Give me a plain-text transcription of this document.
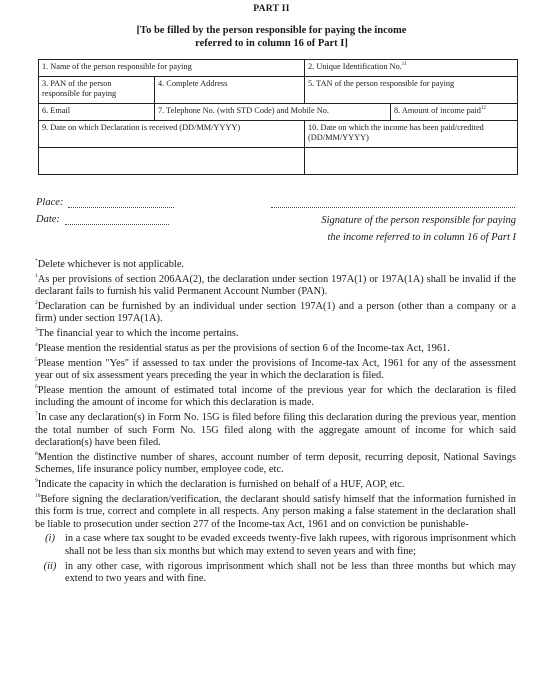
PART II
[To be filled by the person responsible for paying the income
referred to in column 16 of Part I]
1. Name of the person responsible for paying		2. Unique Identification No.$^{11}$
3. PAN of the person responsible for paying	4. Complete Address	5. TAN of the person responsible for paying	
6. Email	7. Telephone No. (with STD Code) and Mobile No.		8. Amount of income paid$^{12}$
9. Date on which Declaration is received (DD/MM/YYYY)		10. Date on which the income has been paid/credited (DD/MM/YYYY)	

Place:
Date:	Signature of the person responsible for paying
the income referred to in column 16 of Part I

*Delete whichever is not applicable.

$^1$As per provisions of section 206AA(2), the declaration under section 197A(1) or 197A(1A) shall be invalid if the declarant fails to furnish his valid Permanent Account Number (PAN).

$^2$Declaration can be furnished by an individual under section 197A(1) and a person (other than a company or a firm) under section 197A(1A).

$^3$The financial year to which the income pertains.

$^4$Please mention the residential status as per the provisions of section 6 of the Income-tax Act, 1961.

$^5$Please mention "Yes" if assessed to tax under the provisions of Income-tax Act, 1961 for any of the assessment year out of six assessment years preceding the year in which the declaration is filed.

$^6$Please mention the amount of estimated total income of the previous year for which the declaration is filed including the amount of income for which this declaration is made.

$^7$In case any declaration(s) in Form No. 15G is filed before filing this declaration during the previous year, mention the total number of such Form No. 15G filed along with the aggregate amount of income for which said declaration(s) have been filed.

$^8$Mention the distinctive number of shares, account number of term deposit, recurring deposit, National Savings Schemes, life insurance policy number, employee code, etc.

$^9$Indicate the capacity in which the declaration is furnished on behalf of a HUF, AOP, etc.

$^{10}$Before signing the declaration/verification, the declarant should satisfy himself that the information furnished in this form is true, correct and complete in all respects. Any person making a false statement in the declaration shall be liable to prosecution under section 277 of the Income-tax Act, 1961 and on conviction be punishable-

(i) in a case where tax sought to be evaded exceeds twenty-five lakh rupees, with rigorous imprisonment which shall not be less than six months but which may extend to seven years and with fine;
(ii) in any other case, with rigorous imprisonment which shall not be less than three months but which may extend to two years and with fine.
